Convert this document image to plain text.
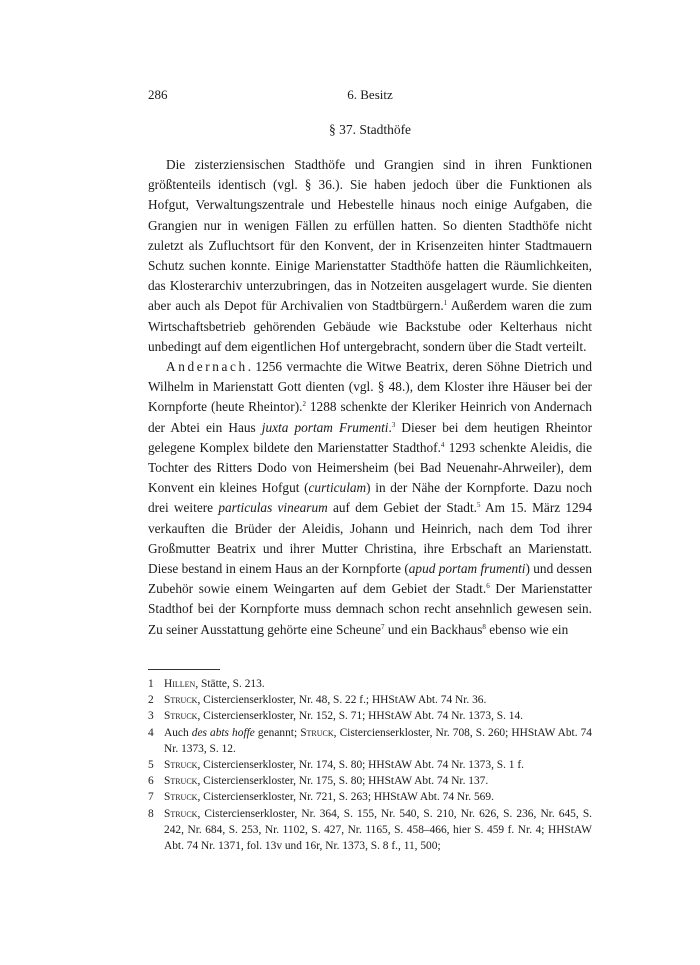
286	6. Besitz
§ 37. Stadthöfe

Die zisterziensischen Stadthöfe und Grangien sind in ihren Funktionen größtenteils identisch (vgl. § 36.). Sie haben jedoch über die Funktionen als Hofgut, Verwaltungszentrale und Hebestelle hinaus noch einige Aufgaben, die Grangien nur in wenigen Fällen zu erfüllen hatten. So dienten Stadthöfe nicht zuletzt als Zufluchtsort für den Konvent, der in Krisenzeiten hinter Stadtmauern Schutz suchen konnte. Einige Marienstatter Stadthöfe hatten die Räumlichkeiten, das Klosterarchiv unterzubringen, das in Notzeiten ausgelagert wurde. Sie dienten aber auch als Depot für Archivalien von Stadtbürgern.$^1$ Außerdem waren die zum Wirtschaftsbetrieb gehörenden Gebäude wie Backstube oder Kelterhaus nicht unbedingt auf dem eigentlichen Hof untergebracht, sondern über die Stadt verteilt.

Andernach. 1256 vermachte die Witwe Beatrix, deren Söhne Dietrich und Wilhelm in Marienstatt Gott dienten (vgl. § 48.), dem Kloster ihre Häuser bei der Kornpforte (heute Rheintor).$^2$ 1288 schenkte der Kleriker Heinrich von Andernach der Abtei ein Haus juxta portam Frumenti.$^3$ Dieser bei dem heutigen Rheintor gelegene Komplex bildete den Marienstatter Stadthof.$^4$ 1293 schenkte Aleidis, die Tochter des Ritters Dodo von Heimersheim (bei Bad Neuenahr-Ahrweiler), dem Konvent ein kleines Hofgut (curticulam) in der Nähe der Kornpforte. Dazu noch drei weitere particulas vinearum auf dem Gebiet der Stadt.$^5$ Am 15. März 1294 verkauften die Brüder der Aleidis, Johann und Heinrich, nach dem Tod ihrer Großmutter Beatrix und ihrer Mutter Christina, ihre Erbschaft an Marienstatt. Diese bestand in einem Haus an der Kornpforte (apud portam frumenti) und dessen Zubehör sowie einem Weingarten auf dem Gebiet der Stadt.$^6$ Der Marienstatter Stadthof bei der Kornpforte muss demnach schon recht ansehnlich gewesen sein. Zu seiner Ausstattung gehörte eine Scheune$^7$ und ein Backhaus$^8$ ebenso wie ein

1 Hillen, Stätte, S. 213.
2 Struck, Cistercienserkloster, Nr. 48, S. 22 f.; HHStAW Abt. 74 Nr. 36.
3 Struck, Cistercienserkloster, Nr. 152, S. 71; HHStAW Abt. 74 Nr. 1373, S. 14.
4 Auch des abts hoffe genannt; Struck, Cistercienserkloster, Nr. 708, S. 260; HHStAW Abt. 74 Nr. 1373, S. 12.
5 Struck, Cistercienserkloster, Nr. 174, S. 80; HHStAW Abt. 74 Nr. 1373, S. 1 f.
6 Struck, Cistercienserkloster, Nr. 175, S. 80; HHStAW Abt. 74 Nr. 137.
7 Struck, Cistercienserkloster, Nr. 721, S. 263; HHStAW Abt. 74 Nr. 569.
8 Struck, Cistercienserkloster, Nr. 364, S. 155, Nr. 540, S. 210, Nr. 626, S. 236, Nr. 645, S. 242, Nr. 684, S. 253, Nr. 1102, S. 427, Nr. 1165, S. 458–466, hier S. 459 f. Nr. 4; HHStAW Abt. 74 Nr. 1371, fol. 13v und 16r, Nr. 1373, S. 8 f., 11, 500;
